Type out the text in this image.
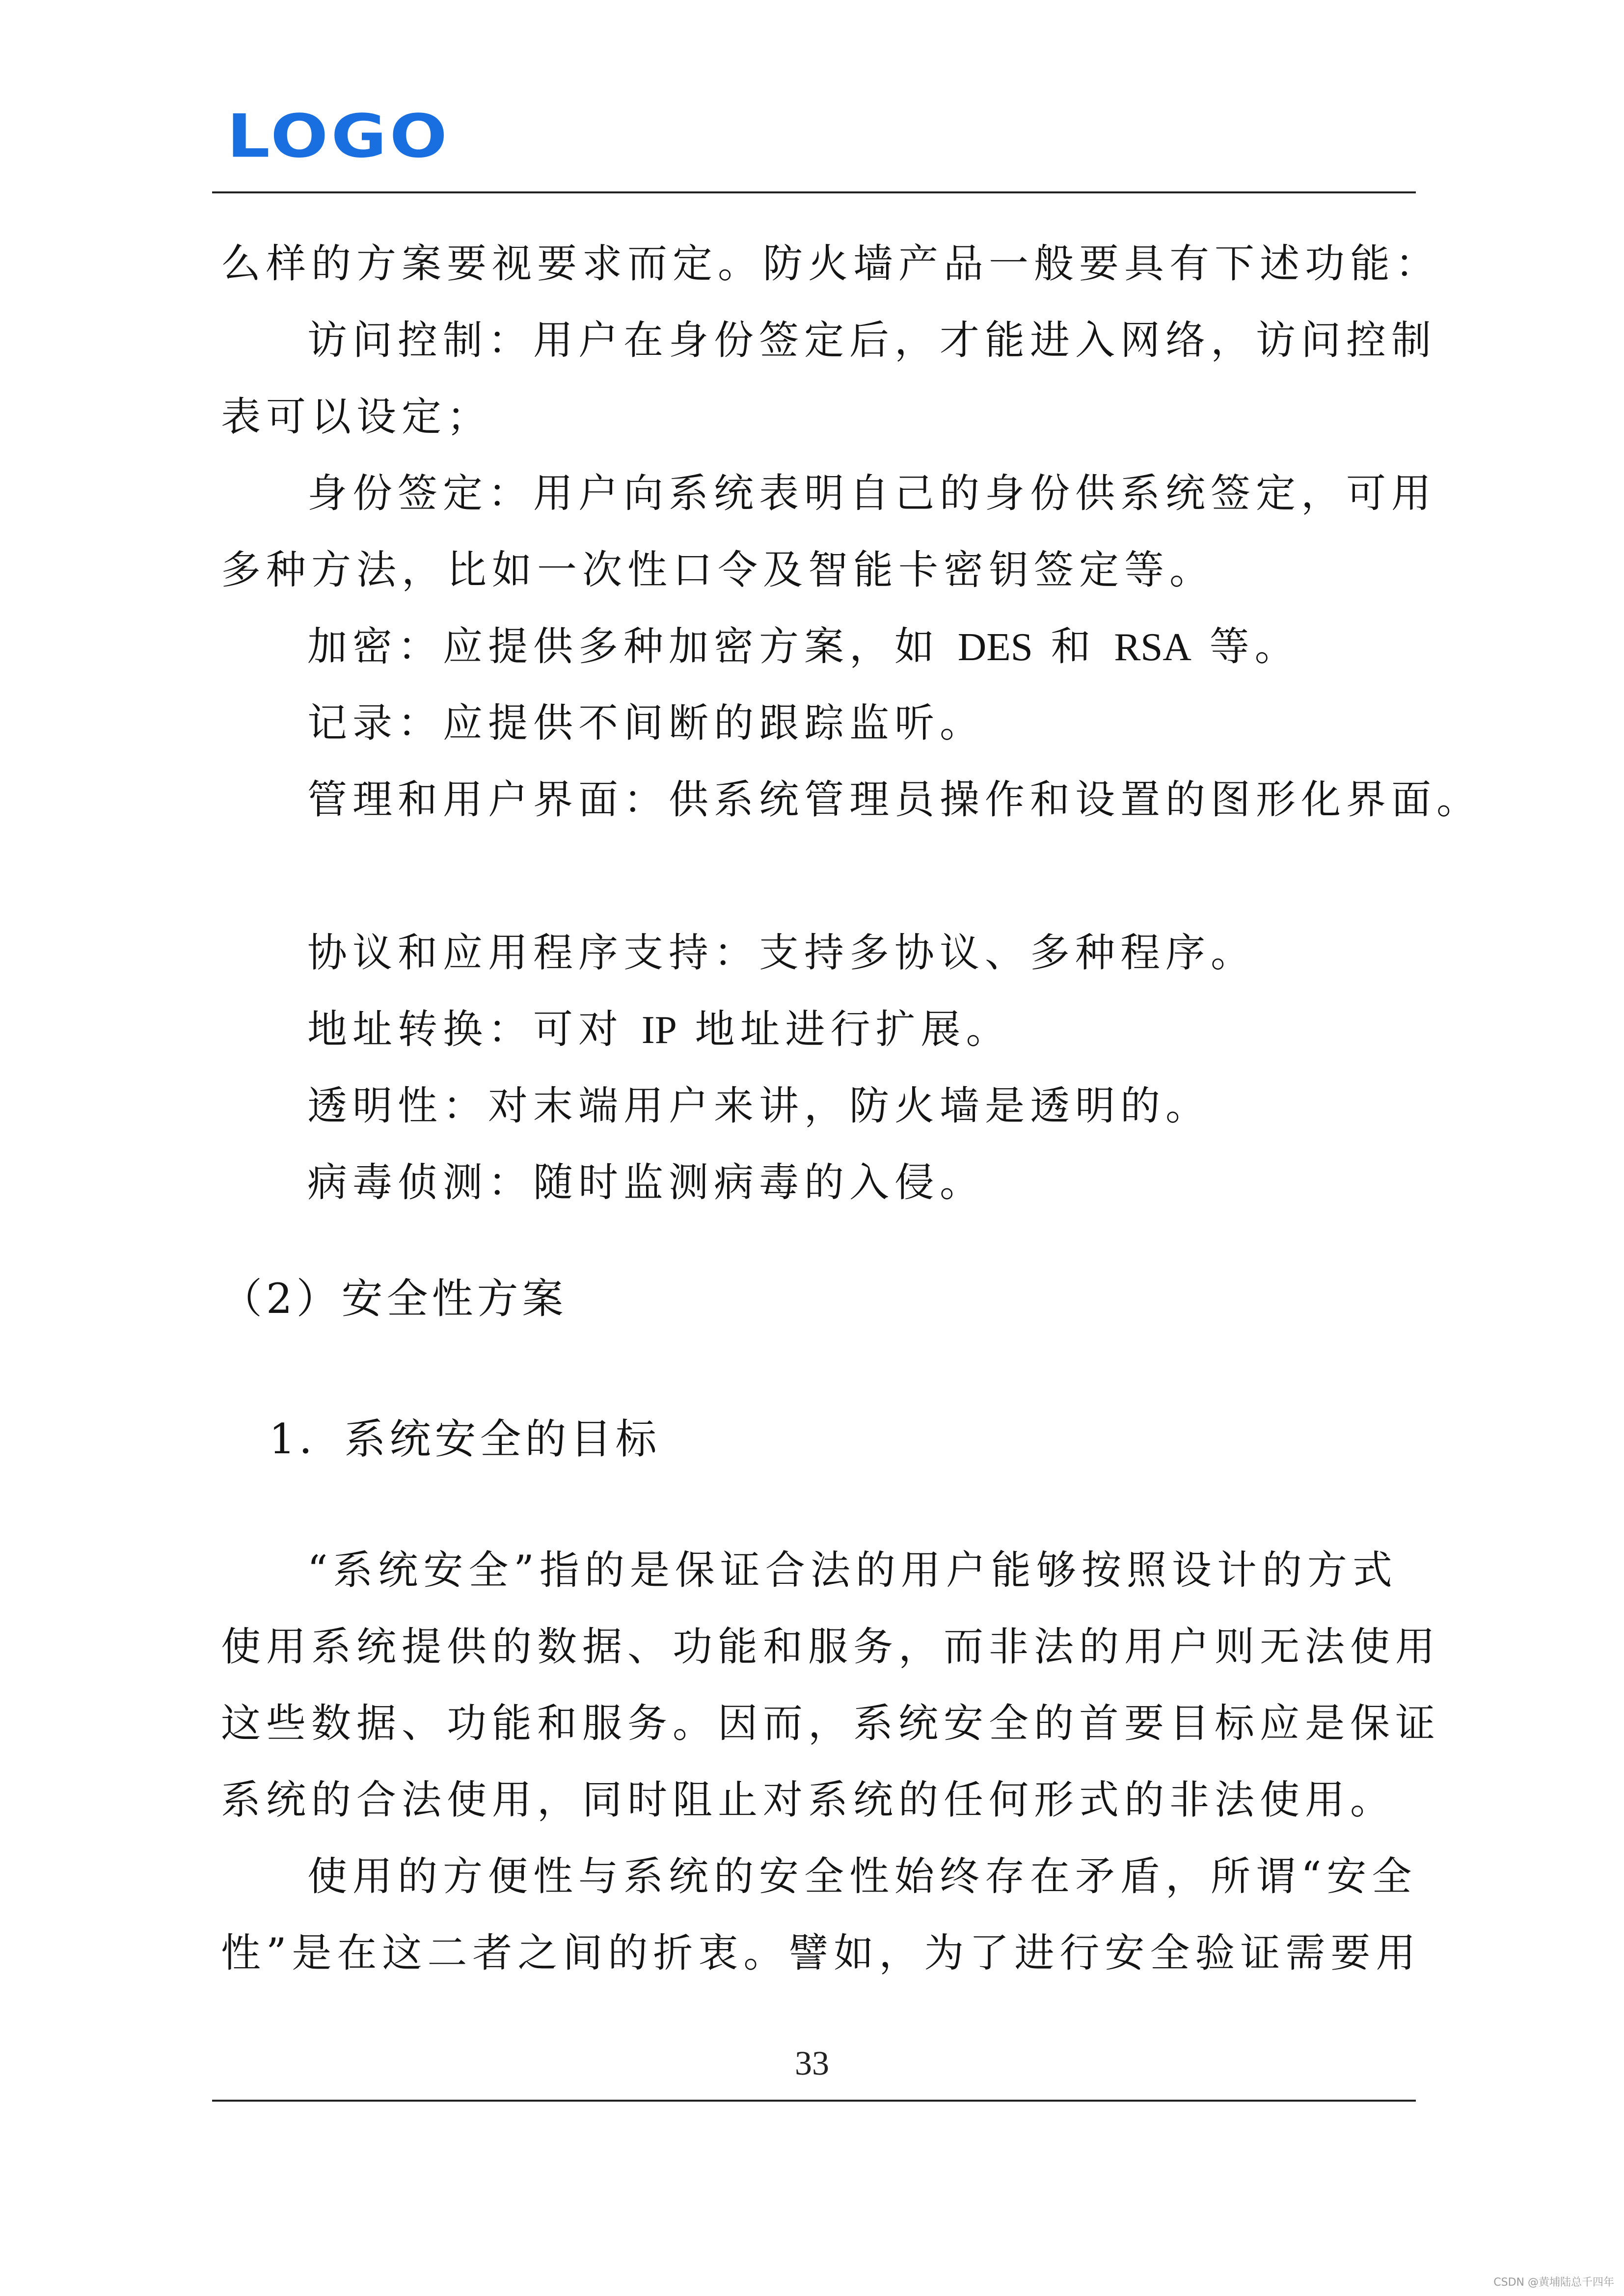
LOGO
么样的方案要视要求而定。防火墙产品一般要具有下述功能：
访问控制：用户在身份签定后，才能进入网络，访问控制
表可以设定；
身份签定：用户向系统表明自己的身份供系统签定，可用
多种方法，比如一次性口令及智能卡密钥签定等。
加密：应提供多种加密方案，如 DES 和 RSA 等。
记录：应提供不间断的跟踪监听。
管理和用户界面：供系统管理员操作和设置的图形化界面。
协议和应用程序支持：支持多协议、多种程序。
地址转换：可对 IP 地址进行扩展。
透明性：对末端用户来讲，防火墙是透明的。
病毒侦测：随时监测病毒的入侵。
（2）安全性方案
1．系统安全的目标
“系统安全”指的是保证合法的用户能够按照设计的方式
使用系统提供的数据、功能和服务，而非法的用户则无法使用
这些数据、功能和服务。因而，系统安全的首要目标应是保证
系统的合法使用，同时阻止对系统的任何形式的非法使用。
使用的方便性与系统的安全性始终存在矛盾，所谓“安全
性”是在这二者之间的折衷。譬如，为了进行安全验证需要用
33
CSDN @黄埔陆总千四年
